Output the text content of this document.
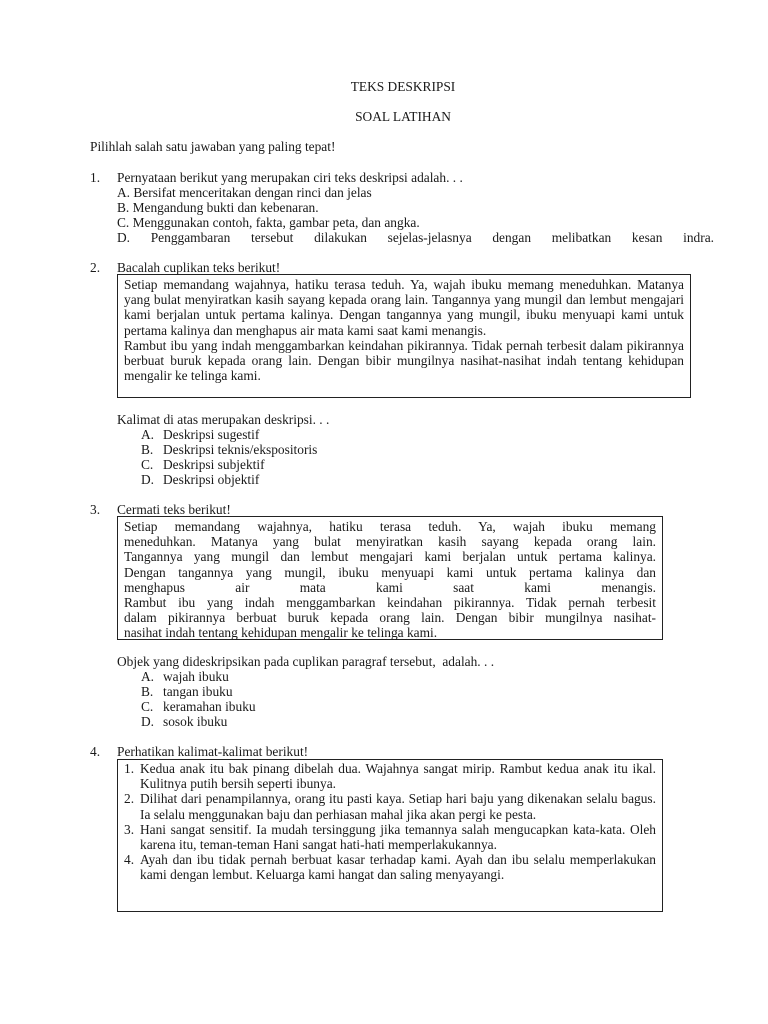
TEKS DESKRIPSI
SOAL LATIHAN
Pilihlah salah satu jawaban yang paling tepat!
1. Pernyataan berikut yang merupakan ciri teks deskripsi adalah. . .
A. Bersifat menceritakan dengan rinci dan jelas
B. Mengandung bukti dan kebenaran.
C. Menggunakan contoh, fakta, gambar peta, dan angka.
D. Penggambaran tersebut dilakukan sejelas-jelasnya dengan melibatkan kesan indra.
2. Bacalah cuplikan teks berikut!
Setiap memandang wajahnya, hatiku terasa teduh. Ya, wajah ibuku memang meneduhkan. Matanya yang bulat menyiratkan kasih sayang kepada orang lain. Tangannya yang mungil dan lembut mengajari kami berjalan untuk pertama kalinya. Dengan tangannya yang mungil, ibuku menyuapi kami untuk pertama kalinya dan menghapus air mata kami saat kami menangis.
Rambut ibu yang indah menggambarkan keindahan pikirannya. Tidak pernah terbesit dalam pikirannya berbuat buruk kepada orang lain. Dengan bibir mungilnya nasihat-nasihat indah tentang kehidupan mengalir ke telinga kami.
Kalimat di atas merupakan deskripsi. . .
A. Deskripsi sugestif
B. Deskripsi teknis/ekspositoris
C. Deskripsi subjektif
D. Deskripsi objektif
3. Cermati teks berikut!
Setiap memandang wajahnya, hatiku terasa teduh. Ya, wajah ibuku memang
meneduhkan. Matanya yang bulat menyiratkan kasih sayang kepada orang lain.
Tangannya yang mungil dan lembut mengajari kami berjalan untuk pertama kalinya.
Dengan tangannya yang mungil, ibuku menyuapi kami untuk pertama kalinya dan
menghapus air mata kami saat kami menangis.
Rambut ibu yang indah menggambarkan keindahan pikirannya. Tidak pernah terbesit
dalam pikirannya berbuat buruk kepada orang lain. Dengan bibir mungilnya nasihat-
nasihat indah tentang kehidupan mengalir ke telinga kami.
Objek yang dideskripsikan pada cuplikan paragraf tersebut,  adalah. . .
A. wajah ibuku
B. tangan ibuku
C. keramahan ibuku
D. sosok ibuku
4. Perhatikan kalimat-kalimat berikut!
1. Kedua anak itu bak pinang dibelah dua. Wajahnya sangat mirip. Rambut kedua anak itu ikal. Kulitnya putih bersih seperti ibunya.
2. Dilihat dari penampilannya, orang itu pasti kaya. Setiap hari baju yang dikenakan selalu bagus. Ia selalu menggunakan baju dan perhiasan mahal jika akan pergi ke pesta.
3. Hani sangat sensitif. Ia mudah tersinggung jika temannya salah mengucapkan kata-kata. Oleh karena itu, teman-teman Hani sangat hati-hati memperlakukannya.
4. Ayah dan ibu tidak pernah berbuat kasar terhadap kami. Ayah dan ibu selalu memperlakukan kami dengan lembut. Keluarga kami hangat dan saling menyayangi.
